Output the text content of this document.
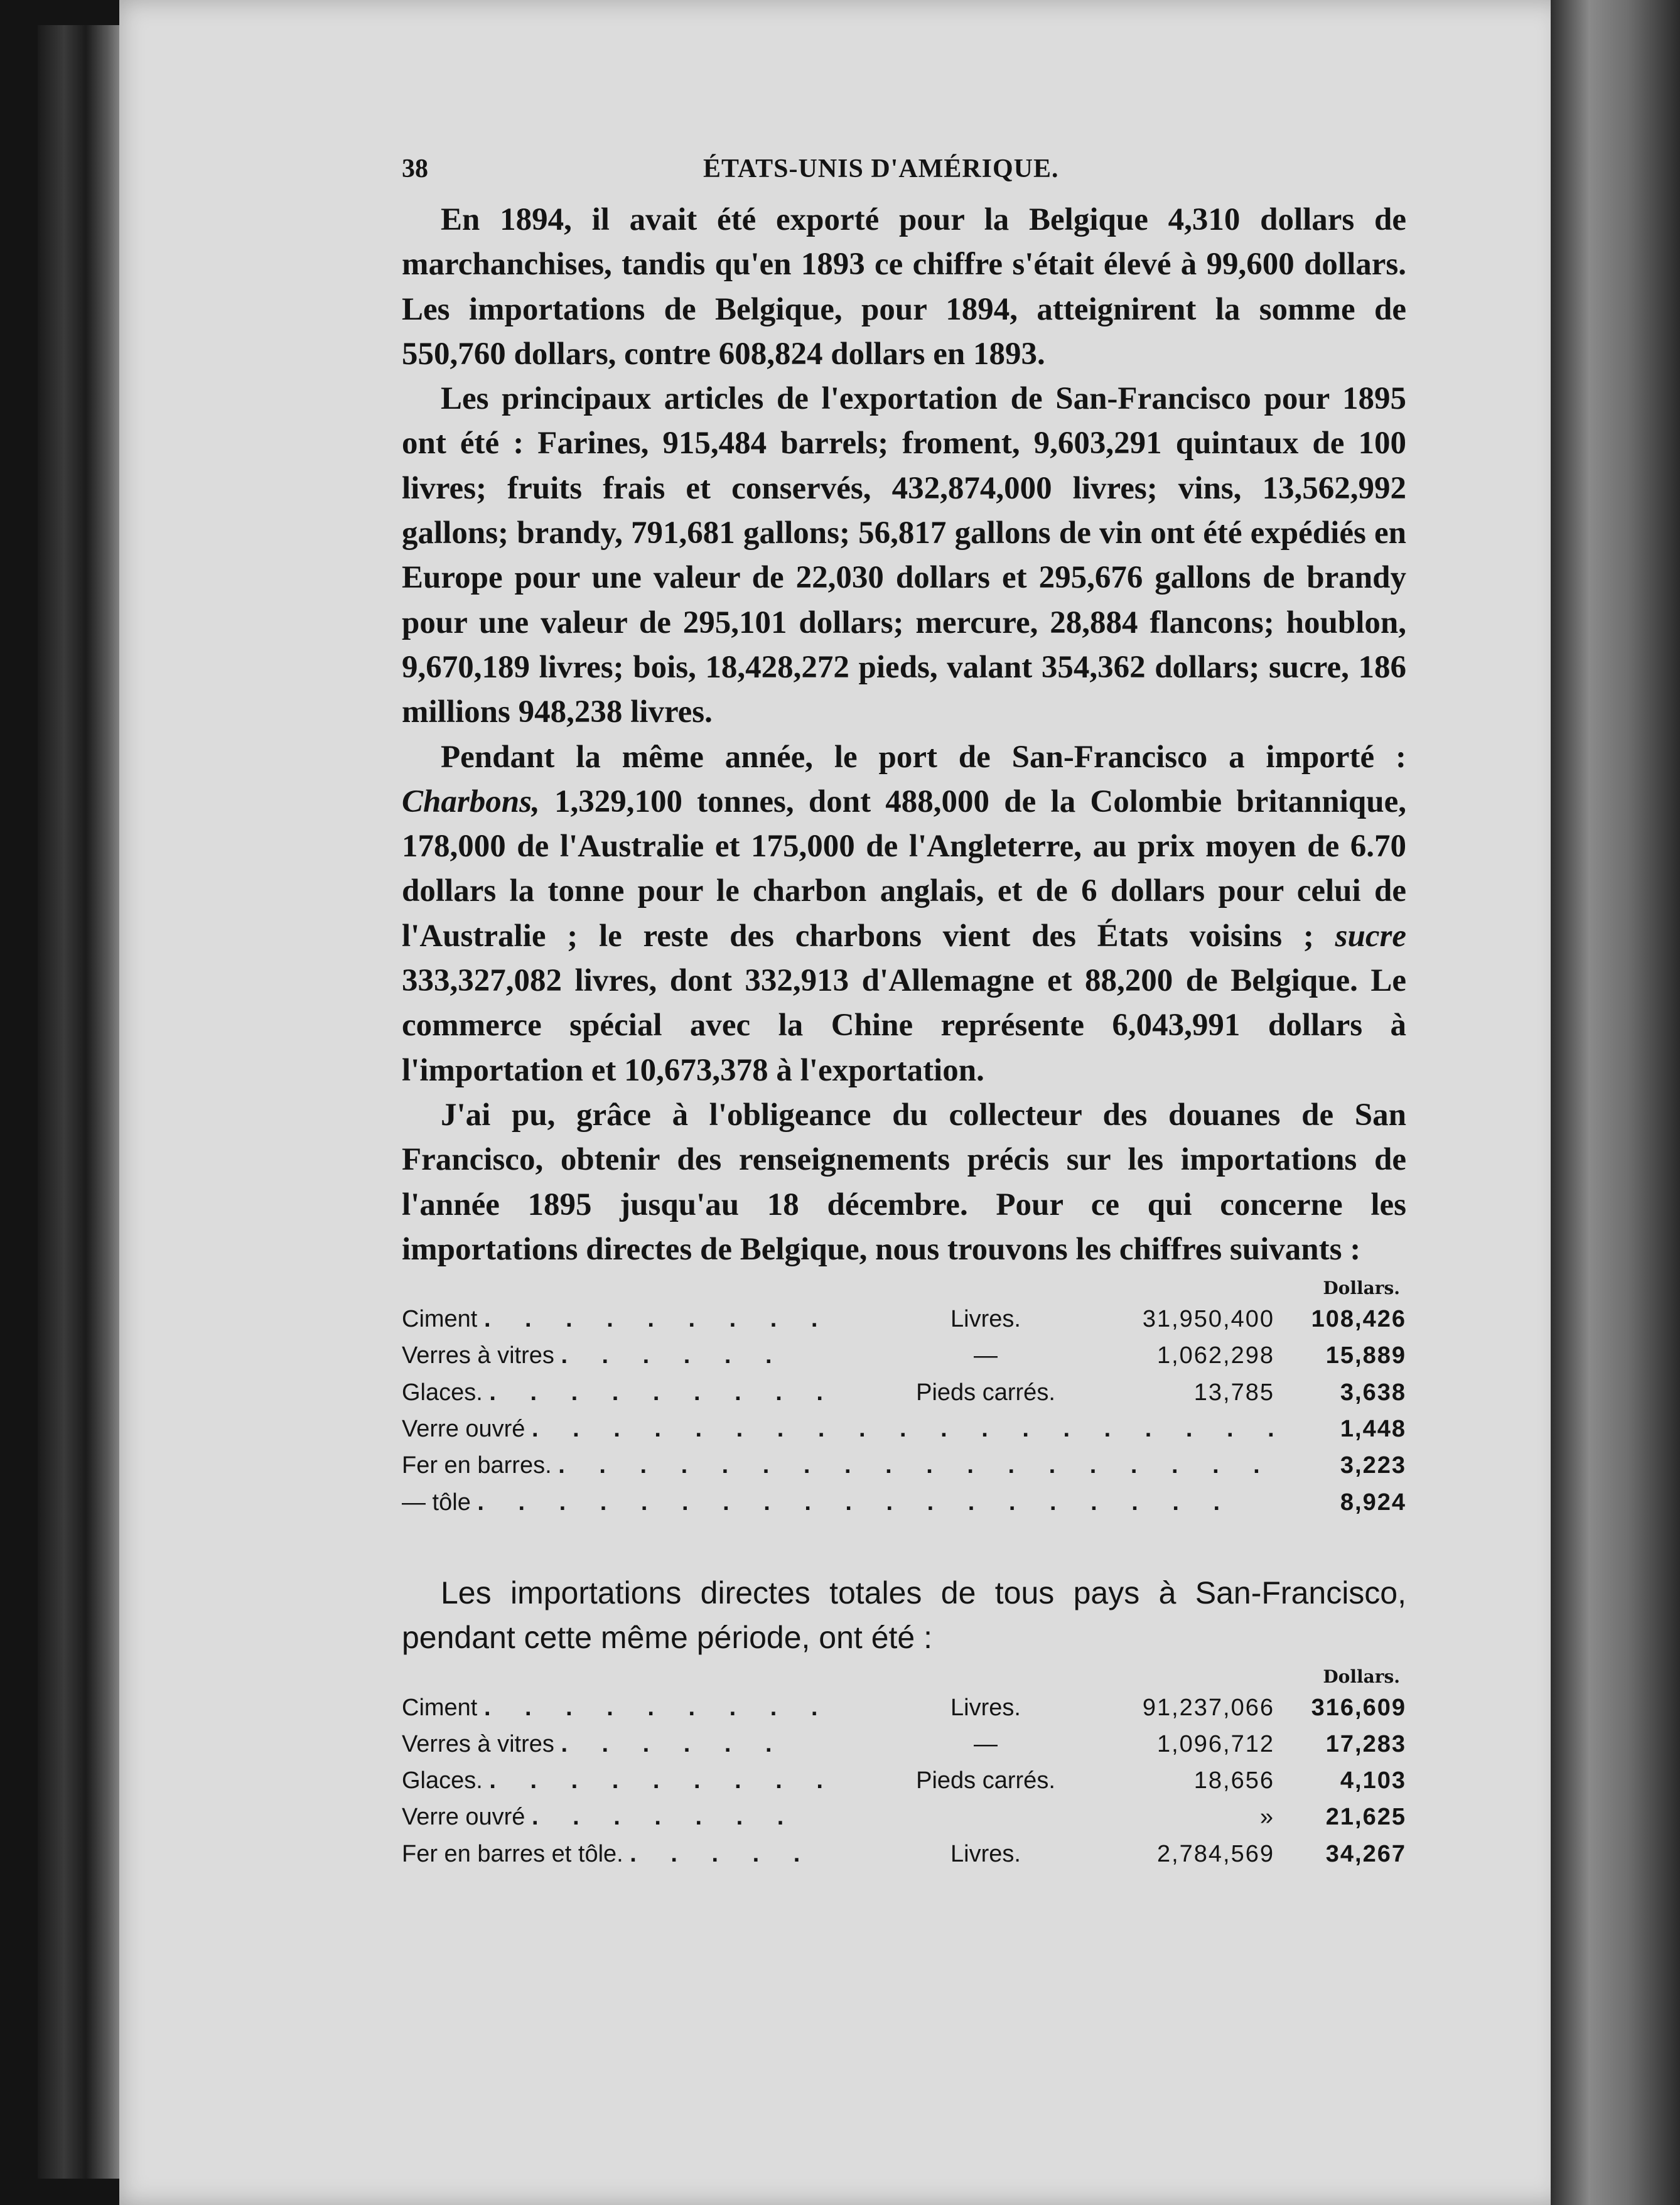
38	ÉTATS-UNIS D'AMÉRIQUE.

En 1894, il avait été exporté pour la Belgique 4,310 dollars de marchanchises, tandis qu'en 1893 ce chiffre s'était élevé à 99,600 dollars. Les importations de Belgique, pour 1894, atteignirent la somme de 550,760 dollars, contre 608,824 dollars en 1893.

Les principaux articles de l'exportation de San-Francisco pour 1895 ont été : Farines, 915,484 barrels; froment, 9,603,291 quintaux de 100 livres; fruits frais et conservés, 432,874,000 livres; vins, 13,562,992 gallons; brandy, 791,681 gallons; 56,817 gallons de vin ont été expédiés en Europe pour une valeur de 22,030 dollars et 295,676 gallons de brandy pour une valeur de 295,101 dollars; mercure, 28,884 flancons; houblon, 9,670,189 livres; bois, 18,428,272 pieds, valant 354,362 dollars; sucre, 186 millions 948,238 livres.

Pendant la même année, le port de San-Francisco a importé : Charbons, 1,329,100 tonnes, dont 488,000 de la Colombie britannique, 178,000 de l'Australie et 175,000 de l'Angleterre, au prix moyen de 6.70 dollars la tonne pour le charbon anglais, et de 6 dollars pour celui de l'Australie ; le reste des charbons vient des États voisins ; sucre 333,327,082 livres, dont 332,913 d'Allemagne et 88,200 de Belgique. Le commerce spécial avec la Chine représente 6,043,991 dollars à l'importation et 10,673,378 à l'exportation.

J'ai pu, grâce à l'obligeance du collecteur des douanes de San Francisco, obtenir des renseignements précis sur les importations de l'année 1895 jusqu'au 18 décembre. Pour ce qui concerne les importations directes de Belgique, nous trouvons les chiffres suivants :

Dollars.
Ciment . . . . . . . . .	Livres.	31,950,400	108,426
Verres à vitres . . . . . .	—	1,062,298	15,889
Glaces. . . . . . . . . .	Pieds carrés.	13,785	3,638
Verre ouvré . . . . . . . . . . . . . . . . . . .	1,448
Fer en barres. . . . . . . . . . . . . . . . . . .	3,223
— tôle . . . . . . . . . . . . . . . . . . .	8,924

Les importations directes totales de tous pays à San-Francisco, pendant cette même période, ont été :

Dollars.
Ciment . . . . . . . . .	Livres.	91,237,066	316,609
Verres à vitres . . . . . .	—	1,096,712	17,283
Glaces. . . . . . . . . .	Pieds carrés.	18,656	4,103
Verre ouvré . . . . . . .	»	21,625
Fer en barres et tôle. . . . . .	Livres.	2,784,569	34,267
